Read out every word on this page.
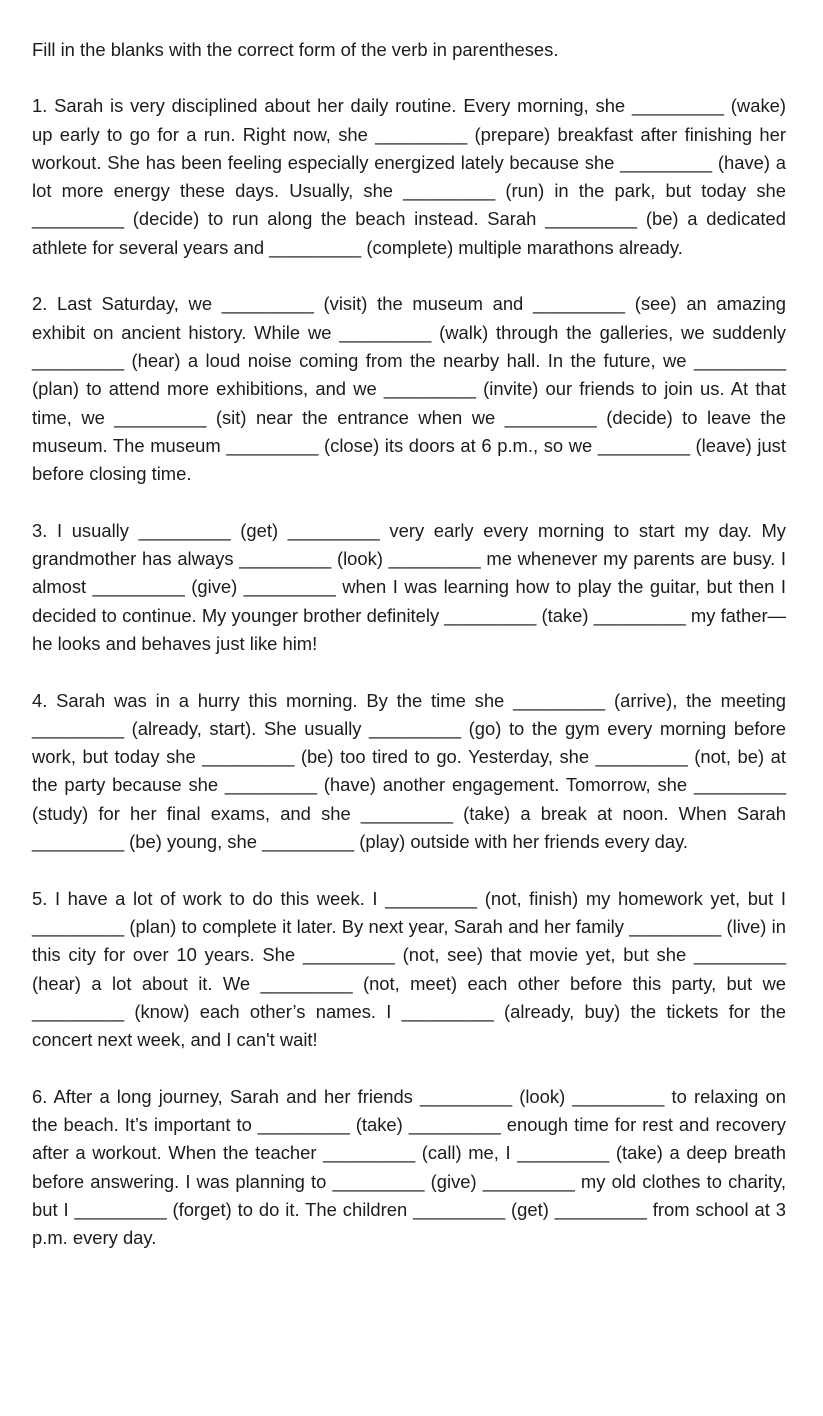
Fill in the blanks with the correct form of the verb in parentheses.

1. Sarah is very disciplined about her daily routine. Every morning, she _________ (wake) up early to go for a run. Right now, she _________ (prepare) breakfast after finishing her workout. She has been feeling especially energized lately because she _________ (have) a lot more energy these days. Usually, she _________ (run) in the park, but today she _________ (decide) to run along the beach instead. Sarah _________ (be) a dedicated athlete for several years and _________ (complete) multiple marathons already.

2. Last Saturday, we _________ (visit) the museum and _________ (see) an amazing exhibit on ancient history. While we _________ (walk) through the galleries, we suddenly _________ (hear) a loud noise coming from the nearby hall. In the future, we _________ (plan) to attend more exhibitions, and we _________ (invite) our friends to join us. At that time, we _________ (sit) near the entrance when we _________ (decide) to leave the museum. The museum _________ (close) its doors at 6 p.m., so we _________ (leave) just before closing time.

3. I usually _________ (get) _________ very early every morning to start my day. My grandmother has always _________ (look) _________ me whenever my parents are busy. I almost _________ (give) _________ when I was learning how to play the guitar, but then I decided to continue. My younger brother definitely _________ (take) _________ my father—he looks and behaves just like him!

4. Sarah was in a hurry this morning. By the time she _________ (arrive), the meeting _________ (already, start). She usually _________ (go) to the gym every morning before work, but today she _________ (be) too tired to go. Yesterday, she _________ (not, be) at the party because she _________ (have) another engagement. Tomorrow, she _________ (study) for her final exams, and she _________ (take) a break at noon. When Sarah _________ (be) young, she _________ (play) outside with her friends every day.

5. I have a lot of work to do this week. I _________ (not, finish) my homework yet, but I _________ (plan) to complete it later. By next year, Sarah and her family _________ (live) in this city for over 10 years. She _________ (not, see) that movie yet, but she _________ (hear) a lot about it. We _________ (not, meet) each other before this party, but we _________ (know) each other’s names. I _________ (already, buy) the tickets for the concert next week, and I can't wait!

6. After a long journey, Sarah and her friends _________ (look) _________ to relaxing on the beach. It’s important to _________ (take) _________ enough time for rest and recovery after a workout. When the teacher _________ (call) me, I _________ (take) a deep breath before answering. I was planning to _________ (give) _________ my old clothes to charity, but I _________ (forget) to do it. The children _________ (get) _________ from school at 3 p.m. every day.
